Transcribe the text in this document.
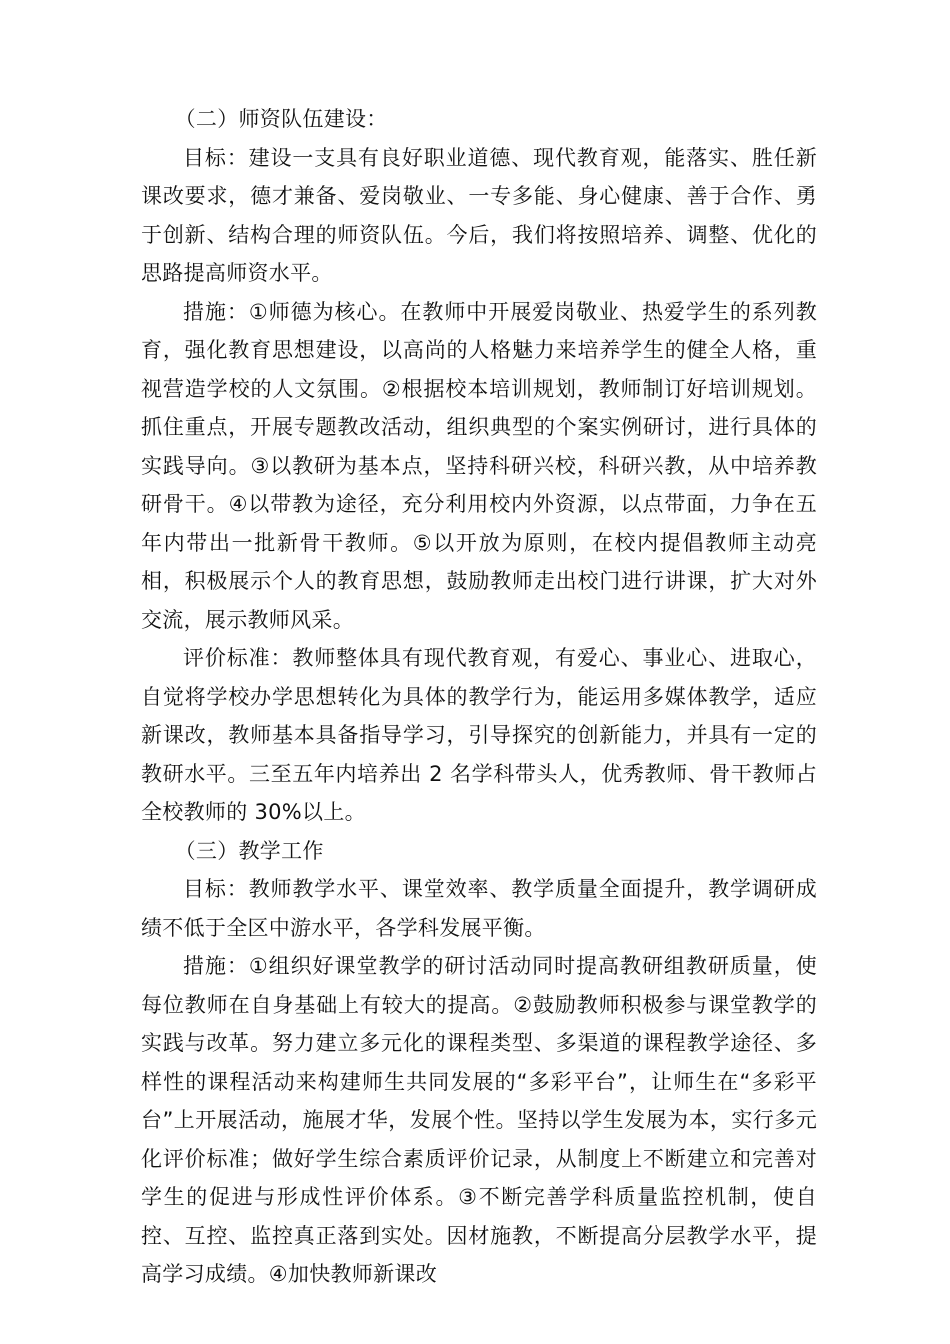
（二）师资队伍建设：

目标：建设一支具有良好职业道德、现代教育观，能落实、胜任新课改要求，德才兼备、爱岗敬业、一专多能、身心健康、善于合作、勇于创新、结构合理的师资队伍。今后，我们将按照培养、调整、优化的思路提高师资水平。

措施：①师德为核心。在教师中开展爱岗敬业、热爱学生的系列教育，强化教育思想建设，以高尚的人格魅力来培养学生的健全人格，重视营造学校的人文氛围。②根据校本培训规划，教师制订好培训规划。抓住重点，开展专题教改活动，组织典型的个案实例研讨，进行具体的实践导向。③以教研为基本点，坚持科研兴校，科研兴教，从中培养教研骨干。④以带教为途径，充分利用校内外资源，以点带面，力争在五年内带出一批新骨干教师。⑤以开放为原则，在校内提倡教师主动亮相，积极展示个人的教育思想，鼓励教师走出校门进行讲课，扩大对外交流，展示教师风采。

评价标准：教师整体具有现代教育观，有爱心、事业心、进取心，自觉将学校办学思想转化为具体的教学行为，能运用多媒体教学，适应新课改，教师基本具备指导学习，引导探究的创新能力，并具有一定的教研水平。三至五年内培养出 2 名学科带头人，优秀教师、骨干教师占全校教师的 30%以上。

（三）教学工作

目标：教师教学水平、课堂效率、教学质量全面提升，教学调研成绩不低于全区中游水平，各学科发展平衡。

措施：①组织好课堂教学的研讨活动同时提高教研组教研质量，使每位教师在自身基础上有较大的提高。②鼓励教师积极参与课堂教学的实践与改革。努力建立多元化的课程类型、多渠道的课程教学途径、多样性的课程活动来构建师生共同发展的“多彩平台”，让师生在“多彩平台”上开展活动，施展才华，发展个性。坚持以学生发展为本，实行多元化评价标准；做好学生综合素质评价记录，从制度上不断建立和完善对学生的促进与形成性评价体系。③不断完善学科质量监控机制，使自控、互控、监控真正落到实处。因材施教，不断提高分层教学水平，提高学习成绩。④加快教师新课改
